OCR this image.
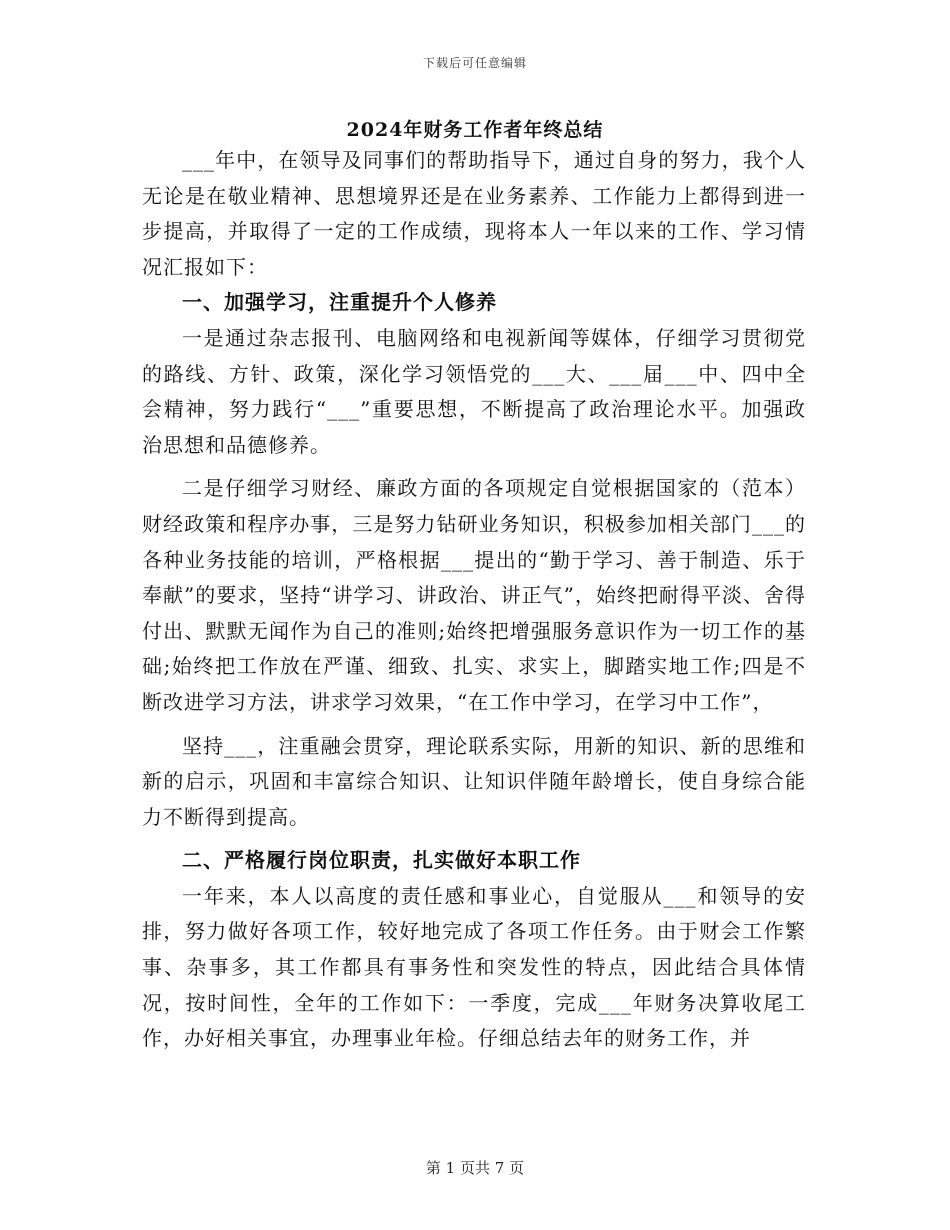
下载后可任意编辑
2024年财务工作者年终总结

___年中，在领导及同事们的帮助指导下，通过自身的努力，我个人无论是在敬业精神、思想境界还是在业务素养、工作能力上都得到进一步提高，并取得了一定的工作成绩，现将本人一年以来的工作、学习情况汇报如下：

一、加强学习，注重提升个人修养

一是通过杂志报刊、电脑网络和电视新闻等媒体，仔细学习贯彻党的路线、方针、政策，深化学习领悟党的___大、___届___中、四中全会精神，努力践行“___”重要思想，不断提高了政治理论水平。加强政治思想和品德修养。

二是仔细学习财经、廉政方面的各项规定自觉根据国家的（范本）财经政策和程序办事，三是努力钻研业务知识，积极参加相关部门___的各种业务技能的培训，严格根据___提出的“勤于学习、善于制造、乐于奉献”的要求，坚持“讲学习、讲政治、讲正气”，始终把耐得平淡、舍得付出、默默无闻作为自己的准则;始终把增强服务意识作为一切工作的基础;始终把工作放在严谨、细致、扎实、求实上，脚踏实地工作;四是不断改进学习方法，讲求学习效果，“在工作中学习，在学习中工作”，

坚持___，注重融会贯穿，理论联系实际，用新的知识、新的思维和新的启示，巩固和丰富综合知识、让知识伴随年龄增长，使自身综合能力不断得到提高。

二、严格履行岗位职责，扎实做好本职工作

一年来，本人以高度的责任感和事业心，自觉服从___和领导的安排，努力做好各项工作，较好地完成了各项工作任务。由于财会工作繁事、杂事多，其工作都具有事务性和突发性的特点，因此结合具体情况，按时间性，全年的工作如下：一季度，完成___年财务决算收尾工作，办好相关事宜，办理事业年检。仔细总结去年的财务工作，并

第 1 页共 7 页
